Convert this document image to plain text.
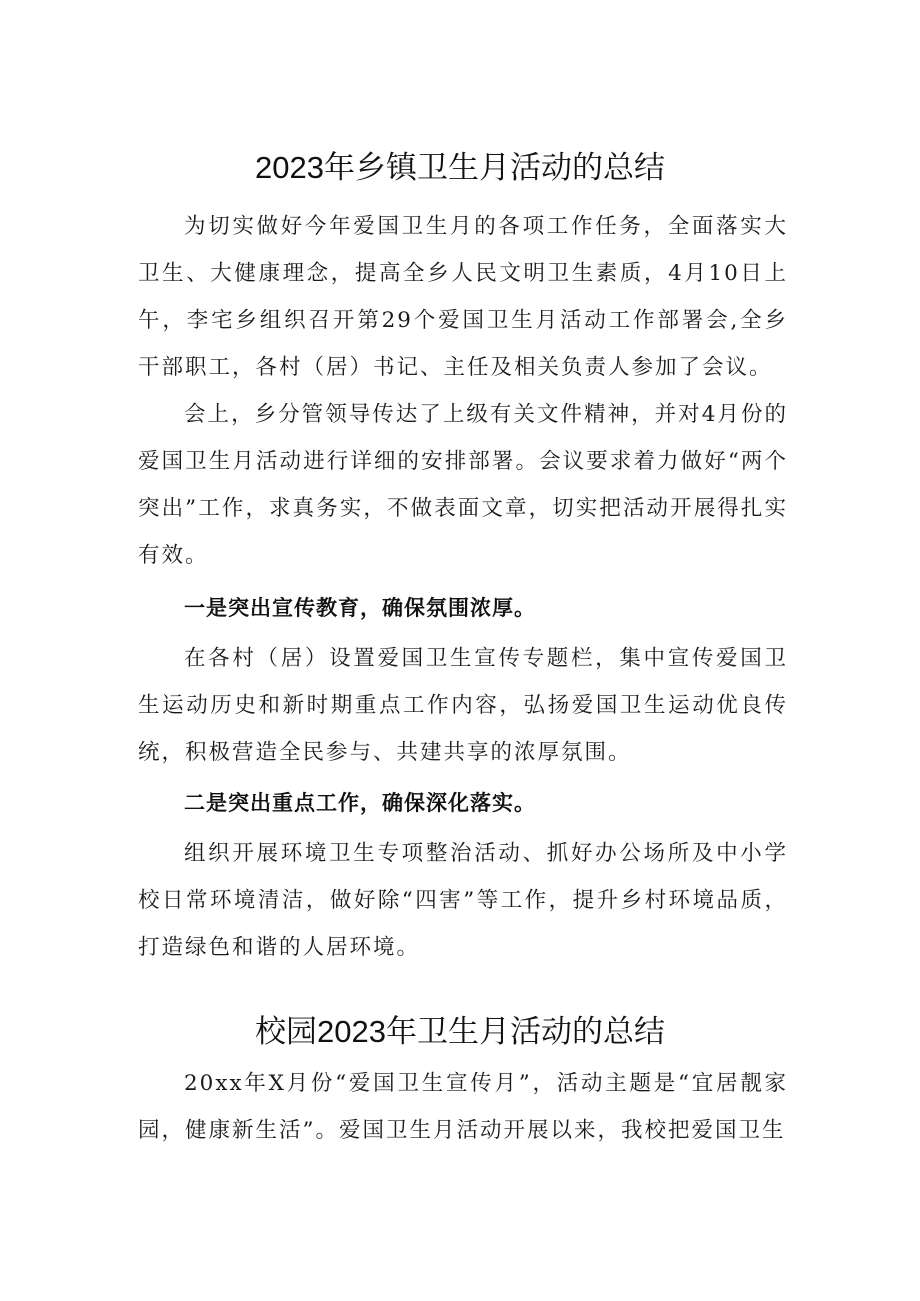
2023年乡镇卫生月活动的总结

为切实做好今年爱国卫生月的各项工作任务，全面落实大卫生、大健康理念，提高全乡人民文明卫生素质，4月10日上午，李宅乡组织召开第29个爱国卫生月活动工作部署会,全乡干部职工，各村（居）书记、主任及相关负责人参加了会议。

会上，乡分管领导传达了上级有关文件精神，并对4月份的爱国卫生月活动进行详细的安排部署。会议要求着力做好“两个突出”工作，求真务实，不做表面文章，切实把活动开展得扎实有效。

一是突出宣传教育，确保氛围浓厚。

在各村（居）设置爱国卫生宣传专题栏，集中宣传爱国卫生运动历史和新时期重点工作内容，弘扬爱国卫生运动优良传统，积极营造全民参与、共建共享的浓厚氛围。

二是突出重点工作，确保深化落实。

组织开展环境卫生专项整治活动、抓好办公场所及中小学校日常环境清洁，做好除“四害”等工作，提升乡村环境品质，打造绿色和谐的人居环境。

校园2023年卫生月活动的总结

20xx年X月份“爱国卫生宣传月”，活动主题是“宜居靓家园，健康新生活”。爱国卫生月活动开展以来，我校把爱国卫生
